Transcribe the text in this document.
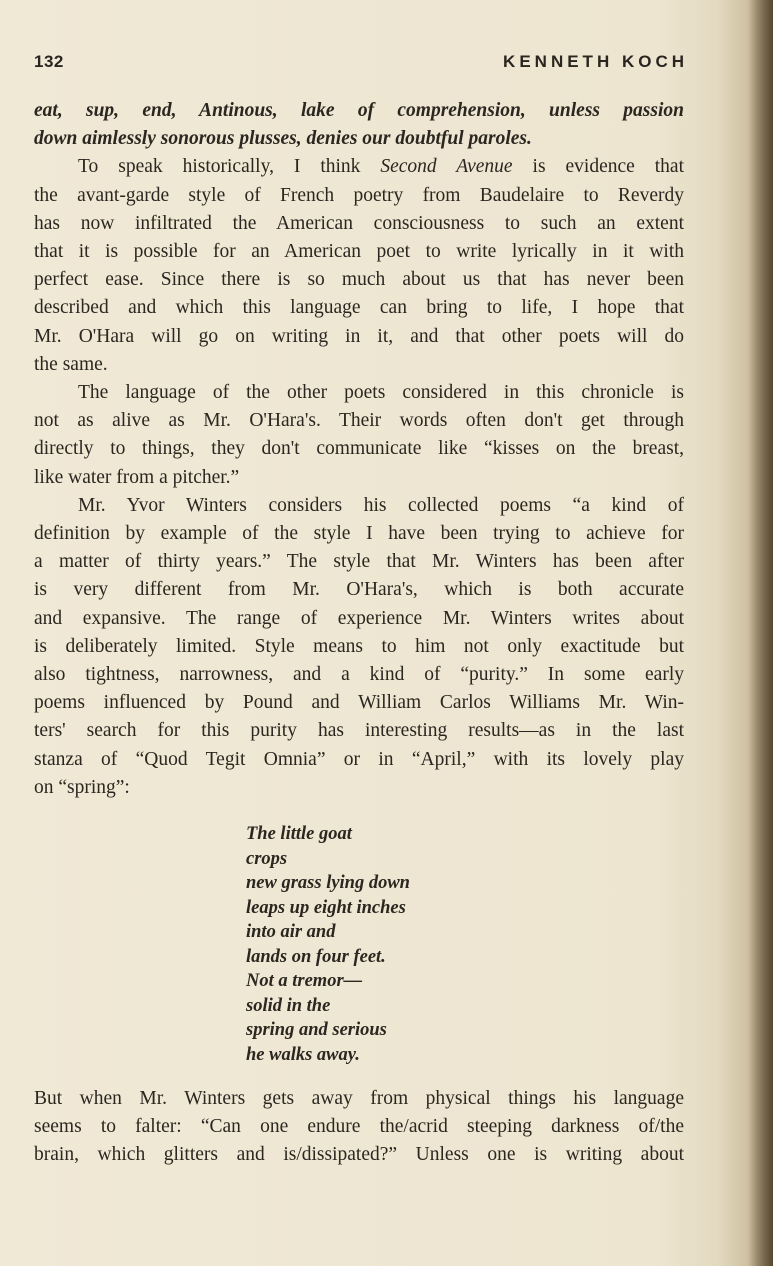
132	KENNETH KOCH
eat, sup, end, Antinous, lake of comprehension, unless passion
down aimlessly sonorous plusses, denies our doubtful paroles.
To speak historically, I think Second Avenue is evidence that
the avant-garde style of French poetry from Baudelaire to Reverdy
has now infiltrated the American consciousness to such an extent
that it is possible for an American poet to write lyrically in it with
perfect ease. Since there is so much about us that has never been
described and which this language can bring to life, I hope that
Mr. O'Hara will go on writing in it, and that other poets will do
the same.
The language of the other poets considered in this chronicle is
not as alive as Mr. O'Hara's. Their words often don't get through
directly to things, they don't communicate like “kisses on the breast,
like water from a pitcher.”
Mr. Yvor Winters considers his collected poems “a kind of
definition by example of the style I have been trying to achieve for
a matter of thirty years.” The style that Mr. Winters has been after
is very different from Mr. O'Hara's, which is both accurate
and expansive. The range of experience Mr. Winters writes about
is deliberately limited. Style means to him not only exactitude but
also tightness, narrowness, and a kind of “purity.” In some early
poems influenced by Pound and William Carlos Williams Mr. Win-
ters' search for this purity has interesting results—as in the last
stanza of “Quod Tegit Omnia” or in “April,” with its lovely play
on “spring”:
The little goat
crops
new grass lying down
leaps up eight inches
into air and
lands on four feet.
Not a tremor—
solid in the
spring and serious
he walks away.
But when Mr. Winters gets away from physical things his language
seems to falter: “Can one endure the/acrid steeping darkness of/the
brain, which glitters and is/dissipated?” Unless one is writing about
